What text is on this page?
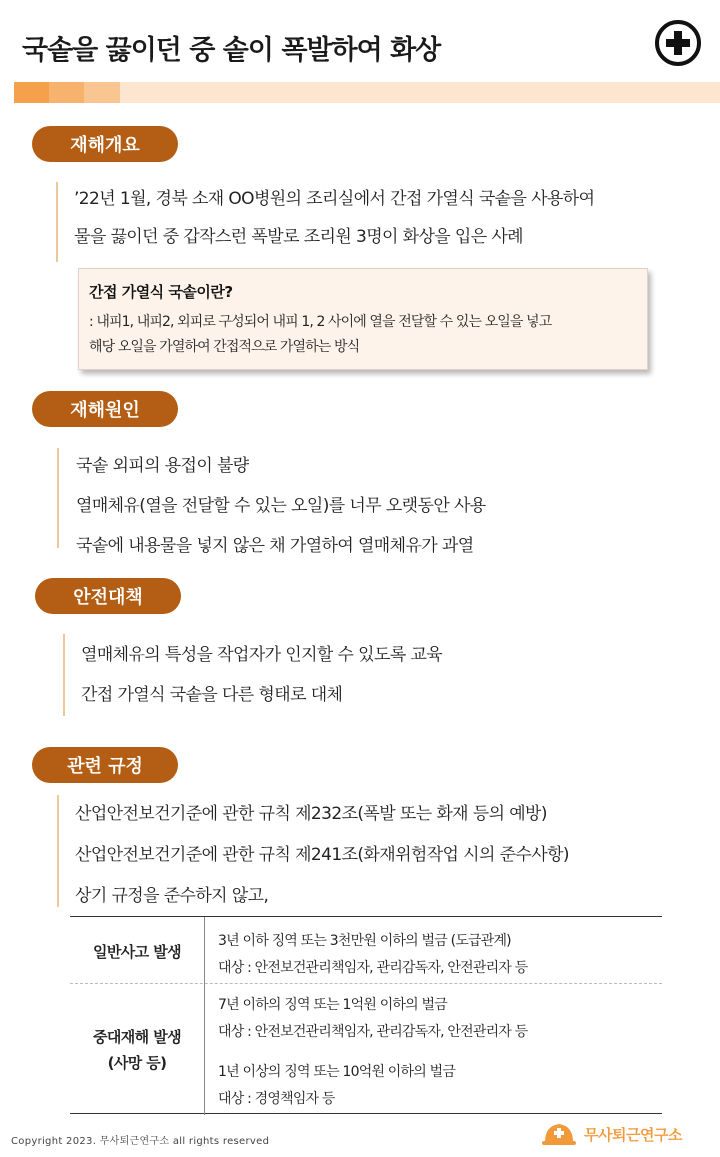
국솥을 끓이던 중 솥이 폭발하여 화상
재해개요
’22년 1월, 경북 소재 OO병원의 조리실에서 간접 가열식 국솥을 사용하여
물을 끓이던 중 갑작스런 폭발로 조리원 3명이 화상을 입은 사례
간접 가열식 국솥이란?
: 내피1, 내피2, 외피로 구성되어 내피 1, 2 사이에 열을 전달할 수 있는 오일을 넣고
해당 오일을 가열하여 간접적으로 가열하는 방식
재해원인
국솥 외피의 용접이 불량
열매체유(열을 전달할 수 있는 오일)를 너무 오랫동안 사용
국솥에 내용물을 넣지 않은 채 가열하여 열매체유가 과열
안전대책
열매체유의 특성을 작업자가 인지할 수 있도록 교육
간접 가열식 국솥을 다른 형태로 대체
관련 규정
산업안전보건기준에 관한 규칙 제232조(폭발 또는 화재 등의 예방)
산업안전보건기준에 관한 규칙 제241조(화재위험작업 시의 준수사항)
상기 규정을 준수하지 않고,
일반사고 발생
3년 이하 징역 또는 3천만원 이하의 벌금 (도급관계)
대상 : 안전보건관리책임자, 관리감독자, 안전관리자 등
중대재해 발생
(사망 등)
7년 이하의 징역 또는 1억원 이하의 벌금
대상 : 안전보건관리책임자, 관리감독자, 안전관리자 등
1년 이상의 징역 또는 10억원 이하의 벌금
대상 : 경영책임자 등
Copyright 2023. 무사퇴근연구소 all rights reserved	무사퇴근연구소
